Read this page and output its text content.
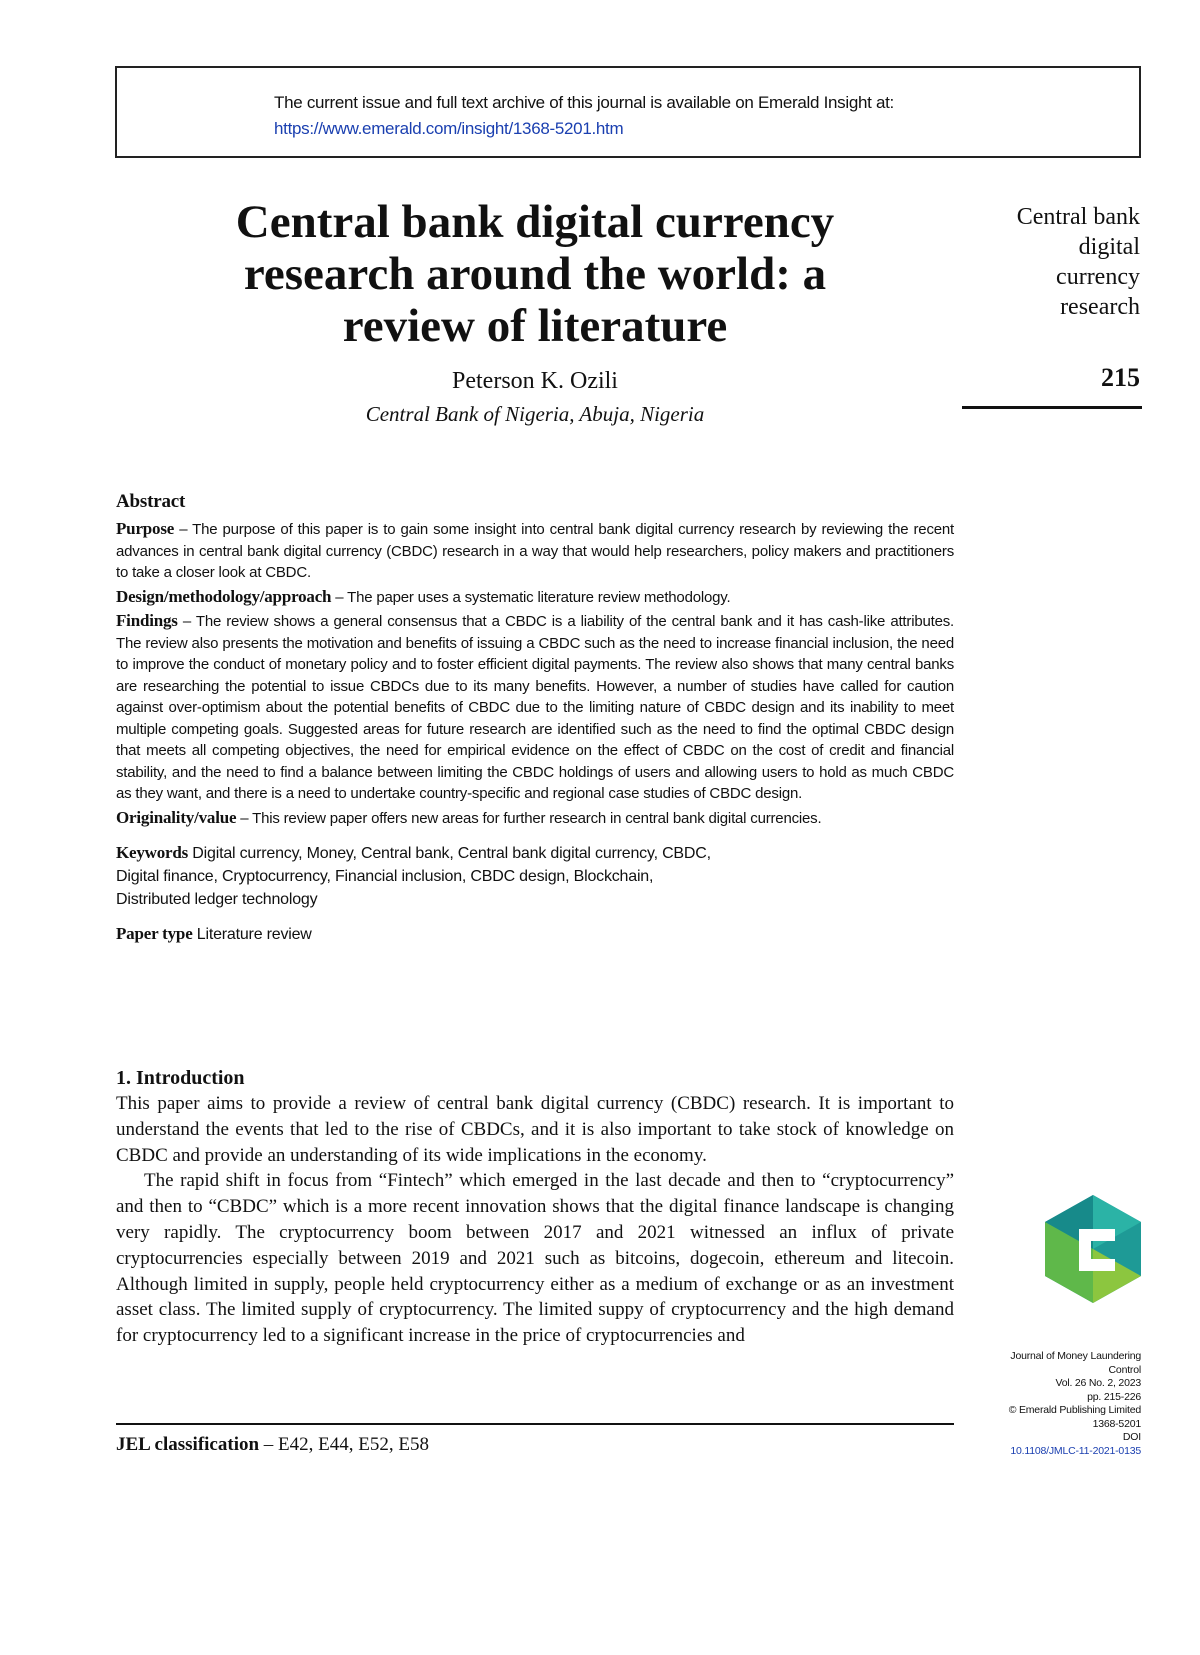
The current issue and full text archive of this journal is available on Emerald Insight at:
https://www.emerald.com/insight/1368-5201.htm
Central bank digital currency
research around the world: a
review of literature

Peterson K. Ozili

Central Bank of Nigeria, Abuja, Nigeria

Central bank
digital
currency
research
215
Abstract

Purpose – The purpose of this paper is to gain some insight into central bank digital currency research by reviewing the recent advances in central bank digital currency (CBDC) research in a way that would help researchers, policy makers and practitioners to take a closer look at CBDC.

Design/methodology/approach – The paper uses a systematic literature review methodology.

Findings – The review shows a general consensus that a CBDC is a liability of the central bank and it has cash-like attributes. The review also presents the motivation and benefits of issuing a CBDC such as the need to increase financial inclusion, the need to improve the conduct of monetary policy and to foster efficient digital payments. The review also shows that many central banks are researching the potential to issue CBDCs due to its many benefits. However, a number of studies have called for caution against over-optimism about the potential benefits of CBDC due to the limiting nature of CBDC design and its inability to meet multiple competing goals. Suggested areas for future research are identified such as the need to find the optimal CBDC design that meets all competing objectives, the need for empirical evidence on the effect of CBDC on the cost of credit and financial stability, and the need to find a balance between limiting the CBDC holdings of users and allowing users to hold as much CBDC as they want, and there is a need to undertake country-specific and regional case studies of CBDC design.

Originality/value – This review paper offers new areas for further research in central bank digital currencies.

Keywords Digital currency, Money, Central bank, Central bank digital currency, CBDC,
Digital finance, Cryptocurrency, Financial inclusion, CBDC design, Blockchain,
Distributed ledger technology
Paper type Literature review
1. Introduction

This paper aims to provide a review of central bank digital currency (CBDC) research. It is important to understand the events that led to the rise of CBDCs, and it is also important to take stock of knowledge on CBDC and provide an understanding of its wide implications in the economy.

The rapid shift in focus from “Fintech” which emerged in the last decade and then to “cryptocurrency” and then to “CBDC” which is a more recent innovation shows that the digital finance landscape is changing very rapidly. The cryptocurrency boom between 2017 and 2021 witnessed an influx of private cryptocurrencies especially between 2019 and 2021 such as bitcoins, dogecoin, ethereum and litecoin. Although limited in supply, people held cryptocurrency either as a medium of exchange or as an investment asset class. The limited supply of cryptocurrency. The limited suppy of cryptocurrency and the high demand for cryptocurrency led to a significant increase in the price of cryptocurrencies and

JEL classification – E42, E44, E52, E58
Journal of Money Laundering
Control
Vol. 26 No. 2, 2023
pp. 215-226
© Emerald Publishing Limited
1368-5201
DOI
10.1108/JMLC-11-2021-0135
